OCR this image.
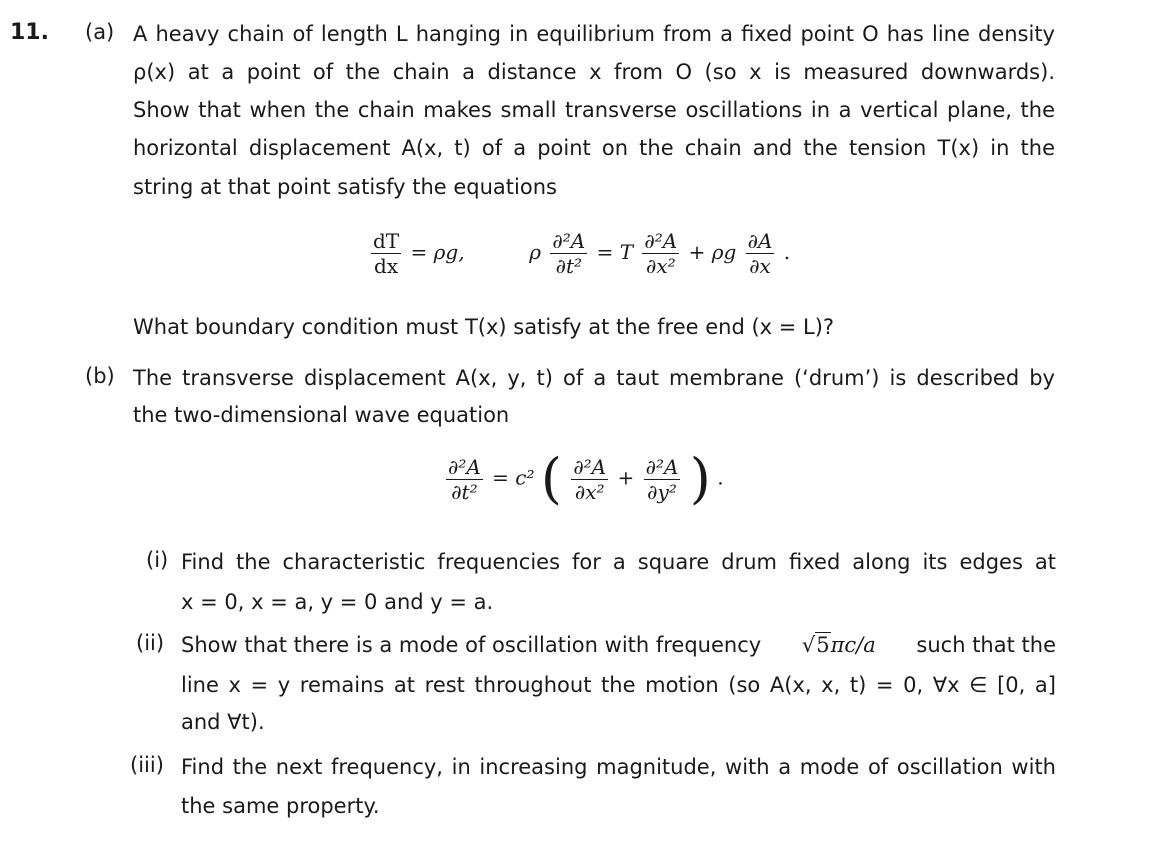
11. (a) A heavy chain of length L hanging in equilibrium from a fixed point O has line density
ρ(x) at a point of the chain a distance x from O (so x is measured downwards).
Show that when the chain makes small transverse oscillations in a vertical plane, the
horizontal displacement A(x, t) of a point on the chain and the tension T(x) in the
string at that point satisfy the equations
$\frac{dT}{dx} = \rho g$,	ρ $\frac{\text{∂²A}}{\text{∂t²}} = T \frac{\text{∂²A}}{\text{∂x²}} + \rho g \frac{\partial A}{\partial x}$ .
What boundary condition must T(x) satisfy at the free end (x = L)?
(b) The transverse displacement A(x, y, t) of a taut membrane (‘drum’) is described by
the two-dimensional wave equation
$\frac{\text{∂²A}}{\text{∂t²}} = c^2$ ( $\frac{\text{∂²A}}{\text{∂x²}} + \frac{\text{∂²A}}{\text{∂y²}}$ ) .
(i) Find the characteristic frequencies for a square drum fixed along its edges at
x = 0, x = a, y = 0 and y = a.
(ii) Show that there is a mode of oscillation with frequency √5πc/a such that the
line x = y remains at rest throughout the motion (so A(x, x, t) = 0, ∀x ∈ [0, a]
and ∀t).
(iii) Find the next frequency, in increasing magnitude, with a mode of oscillation with
the same property.
